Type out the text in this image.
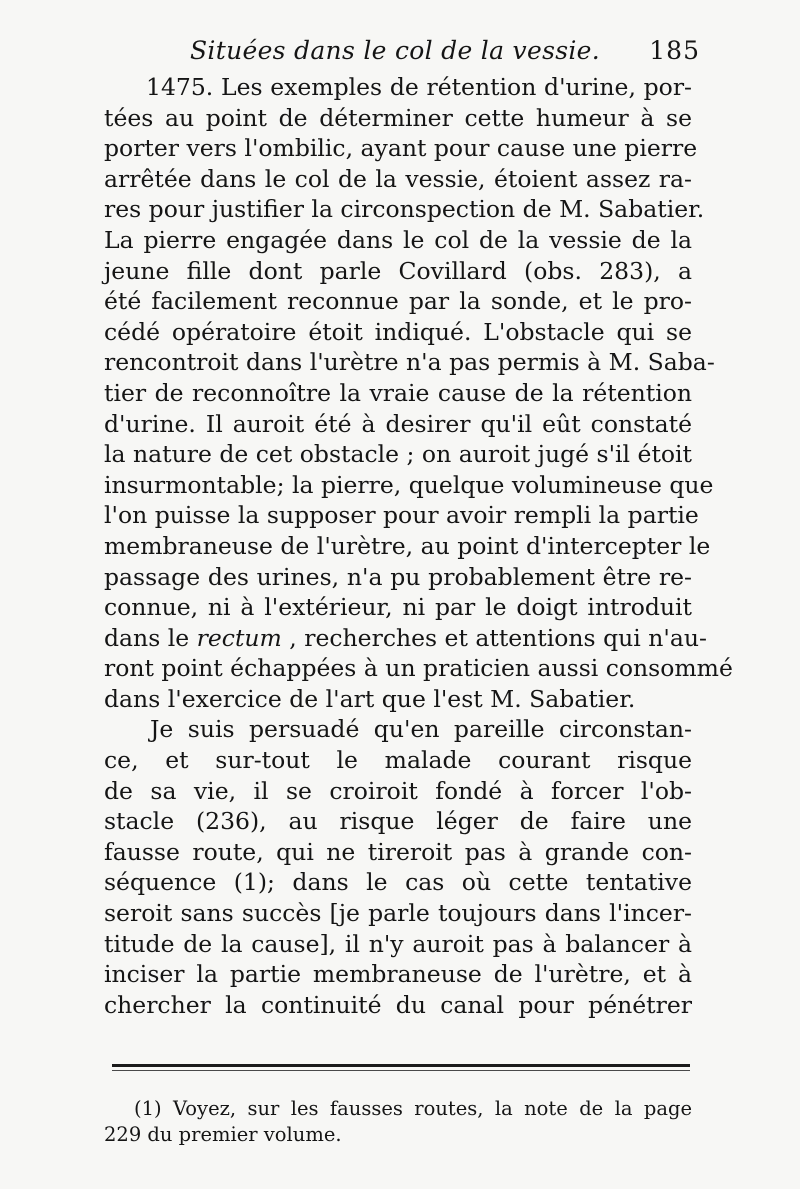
Situées dans le col de la vessie. 185
1475. Les exemples de rétention d'urine, por-
tées au point de déterminer cette humeur à se
porter vers l'ombilic, ayant pour cause une pierre
arrêtée dans le col de la vessie, étoient assez ra-
res pour justifier la circonspection de M. Sabatier.
La pierre engagée dans le col de la vessie de la
jeune fille dont parle Covillard (obs. 283), a
été facilement reconnue par la sonde, et le pro-
cédé opératoire étoit indiqué. L'obstacle qui se
rencontroit dans l'urètre n'a pas permis à M. Saba-
tier de reconnoître la vraie cause de la rétention
d'urine. Il auroit été à desirer qu'il eût constaté
la nature de cet obstacle ; on auroit jugé s'il étoit
insurmontable; la pierre, quelque volumineuse que
l'on puisse la supposer pour avoir rempli la partie
membraneuse de l'urètre, au point d'intercepter le
passage des urines, n'a pu probablement être re-
connue, ni à l'extérieur, ni par le doigt introduit
dans le rectum , recherches et attentions qui n'au-
ront point échappées à un praticien aussi consommé
dans l'exercice de l'art que l'est M. Sabatier.
Je suis persuadé qu'en pareille circonstan-
ce, et sur-tout le malade courant risque
de sa vie, il se croiroit fondé à forcer l'ob-
stacle (236), au risque léger de faire une
fausse route, qui ne tireroit pas à grande con-
séquence (1); dans le cas où cette tentative
seroit sans succès [je parle toujours dans l'incer-
titude de la cause], il n'y auroit pas à balancer à
inciser la partie membraneuse de l'urètre, et à
chercher la continuité du canal pour pénétrer
(1) Voyez, sur les fausses routes, la note de la page
229 du premier volume.
